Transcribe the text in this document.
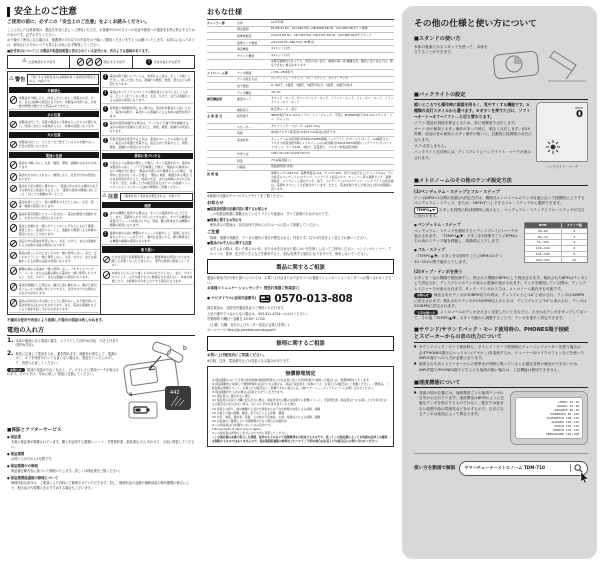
安全上のご注意
ご使用の前に、必ずこの「安全上のご注意」をよくお読みください。
ここに示した注意事項は、製品を安全に正しくご使用いただき、お客様やほかの方々への危害や財産への損害を未然に防止するためのものです。必ずお守りください。
お子様がご使用になる場合は、保護者の方が以下の内容をお子様にご徹底くださいますようお願いいたします。お読みになったあとは、使用される方がいつでも見られる所に必ず保管してください。
■記号表示について|この製品や取扱説明書に表示されている記号には、次のような意味があります。
⚠ 注意喚起を示す記号	禁止を示す記号 !	行為を指示する記号
⚠ 警告
「死亡する可能性または重傷を負う可能性が想定される」内容です。
分解禁止
本製品を分解したり、改造したりしない。感電や火災、けが、または故障の原因になります。本製品の内部には、お客様が修理/交換できる部品はありません。
水に注意
本製品の近くで、花瓶や薬品など液体の入ったものを置かない。内部に水などの液体が入ると、故障の原因になります。
火に注意
本製品の近くに、ろうそくなど燃えているものを置かない。火災の原因になります。
電池に注意
電池を分解しない。火災、破裂、発熱、液漏れのおそれがあります。
電池を火の中に入れない。破裂により、火災やけがの原因になります。
電池を下記の場所に置かない。・直射日光のあたる場所や炎天下の車内など高温になるところ ・湿度や温度の極端に高いところ ・ほこりや振動の多いところ
電池を落としたり、強い衝撃を与えたりしない。火災・感電・破損の原因になります。
電池を電気回路にショートさせない。電池が破裂や液漏れをし、火災やけがの原因になります。
電池と金属片を一緒にポケットやバッグなどに入れて携帯、保管しない。電池がショートし、液漏れや破裂による故障の原因になることがあります。
指定以外の電池を使用しない。火災、やけど、または液漏れによる皮膚の炎症の原因になります。
電池は新しいものと古いものを一緒に使用しない。また、古いものどうしも一緒に使用しない。火災、やけど、または液漏れによる皮膚の炎症の原因になります。
種類の異なる電池を一緒に使用しない。アルカリとマンガン、メーカーまたは品番の異なる電池を一緒に使用したりすると、火災、やけど、または液漏れの原因になります。
電池が液漏れした場合は、漏れた液に触れない。漏れた液が目に入ったり皮膚に付いたりすると、化学やけどや失明などのおそれがあります。
電池は乳幼児の手の届くところに置かない。お子様が誤って電池を飲み込むおそれがあります。また、電池の液漏れなどにより炎症を起こすおそれがあります。
!
電池の取り扱いについては、本書をよく読み、正しくお使いください。誤った使い方は、液漏れや破裂、発熱、発火などの原因になります。
!
電池はすべてプラス/マイナスの極性表示どおりに正しく入れる。正しく入れていない場合、火災、やけど、または液漏れによる炎症の原因になります。
!
使用後や長時間使用しない場合は、電池を本製品から抜いておく。電池の消耗や、電池からの液漏れによる本体の腐食を防げます。
!
電池を保管/廃棄する場合は、テープなどで端子部を絶縁する。ほかの電池や金属片と混ざると、発熱、破裂、液漏れの原因になります。
!
充電式電池を使用するときは、電池のマニュアルの指示に従い、指定の充電器で充電する。指定以外で充電すると、発熱、破裂、液漏れの原因になります。
異常に気づいたら
!
下記のような異常が発生した場合、すぐに電源を切り、電池を本製品から抜く。・プラグが破損した場合 ・製品から異常なにおいや煙が出た場合 ・製品の内部に水や異物が入った場合 ・使用中に音が出なくなった場合 ・製品に亀裂、破損がある場合 そのまま使用を続けると、感電や火災、または故障のおそれがあります。至急、お買い上げの販売店またはヤマハお客様コミュニケーションセンターに点検や修理をご依頼ください。
⚠ 注意	「傷害を負う可能性が想定される」内容です。
接続
!
ほかの機器と接続する場合は、すべての電源を切った上で行う。また、電源を入れたり切ったりする前に、すべての機器の音量(ボリューム)を最小にする。感電、聴力障害または機器の損傷の原因になります。
!
演奏を始める前に機器のボリュームを最小にし、演奏しながら徐々にボリュームを上げて、適切な音量にする。聴力障害または機器の損傷の原因になります。
取り扱い
大きな音量で長時間使用しない。聴覚障害の原因になります。聞こえが悪くなったと感じたら、専門の医師に相談してください。
本体の上にのったり重いものをのせたりしない。また、ボタンやスイッチ、入出力端子などに無理な力を加えない。本体が破損したり、お客様がけがをしたりする原因になります。
不適切な使用や改造により故障した場合の保証は致しかねます。
電池の入れ方
1. 本体の裏面にある電池の蓋を、スライドして(図中a方向)、引き上げます(図中b方向)。
2. 極性に注意して電池を入れ、蓋を閉めます。誤動作が発生して、電源のオン、オフを何度か行っても直らない場合は、電池をいったんはずして、再度入れ直してください。
お知らせ 電池の残量が少なくなると、ディスプレイに電池マークが表示されます。そのときは、早めに新しい電池に交換してください。
b
a	442
■保証とアフターサービス
● 保証書
本書に保証書が掲載されています。購入を証明する書類(レシート、売買契約書、納品書など)とあわせて、大切に保管してください。
● 保証期間
お買い上げ日から1年間です。
● 保証期間中の修理
保証書記載内容に基づいて修理いたします。詳しくは保証書をご覧ください。
● 保証期間経過後の修理について
修理可能な部分は、ご要望により有料にて修理させていただきます。但し、修理料金の金額や補修部品の保有期間の都合により、相当品の代替購入をおすすめする場合もございます。
おもな仕様
チューナー部	音律	12平均律
測定範囲	E1(38.41 Hz、A4=410 Hz)~C8(4566.58 Hz、A4=480 Hz)サイン波時
基準発振音	C3(121.89 Hz、A4=410 Hz)~C6(1141.66 Hz、A4=480 Hz)3オクターブ
基準ピッチ範囲	A4=410 Hz~480 Hz(1 Hz単位)
測定精度	±1セント以内
サウンド精度	±1セント以内
※測定範囲内であっても、倍音の多い音や、減衰の速い音/複雑な音、騒音に近い音などは、測定できない場合があります
メトロノーム部	テンポ範囲	♩=30~252回/分
テンポ設定方法	ペンデュラム・ステップ、フル・ステップ、タップ・テンポ
拍子範囲	0~9拍子、2連符、3連符、3連符中抜き、4連符、4連符中抜き
テンポ精度	±0.3%
練習機能部	練習モード	サウンド・モード、サウンドバック・モード、トラック・モード、フォーカス・モード、トラックフォーカス・モード
補助表示	純正律メーター表示
主 要 諸 元	接続端子	INPUT端子(3.5 mmモノラル・ミニ・ジャック、平型)、PHONES端子(3.5 mmステレオ・ミニ・ジャック)
スピーカー	ダイナミック・スピーカー(φ23 mm)
電源	単4形アルカリ乾電池×2本(3 V)※電池は別売です。
電池寿命	チューナーのみ使用時:約250/150/85時間(バックライト:オフ/ソフト/オート、A4連続入力、アルカリ乾電池使用時) メトロノームのみ使用時:約300/130/75時間(バックライト:オフ/ソフト/オート、テンポ120、4拍子、音量最大、アルカリ乾電池使用時)
外形寸法	106×72×18 mm(W×D×H)
質量	79 g(電池除く)
付属品	取扱説明書(本書)
初 期 値	基準ピッチ=442 Hz、基準発振音=A4、テンポ=120、拍子=4拍子なし(クリックのみ)、テンポ設定=ペンデュラム/ステップ、バックライト設定=オフ。チューナー部の基準ピッチ、基準発振音、メトロノーム部のテンポ、拍子、ペンデュラム/フル/ステップ、バックライトの設定値は、電源をオフにしても記憶されています。ただし、電池を取り外した場合は上記の初期値に戻ります。
※最新の仕様はヤマハのウェブサイトをご覧ください。
お知らせ
■取扱説明書の記載内容に関するお知らせ
この取扱説明書に掲載されているイラストや画面は、すべて説明のためのものです。
■廃棄に関するお知らせ
使用済みの電池は、各自治体で決められたルールに従って廃棄してください。
ご注意
「故障、損傷や誤動作、データの損失の発生が想定される」内容です。以下の内容をよく読んでお使いください。
■製品のお手入れに関する注意
お手入れの際は、乾いた柔らかい布、または水を含ませた柔らかい布を固くしぼってご使用ください。ベンジンやシンナー、アルコール、洗剤、化学ぞうきんなどを使用すると、変色/変質する原因になりますので、使用しないでください。
製品に関するご相談
製品の使用方法や取り扱いについては、お買い上げ店または下記ヤマハお客様コミュニケーションセンターへお問い合わせください。
お客様コミュニケーションセンター 管弦打楽器ご相談窓口
● ナビダイヤル(全国共通番号) 0570-013-808
固定電話は、全国市内通話料金でご利用いただけます。
上記の番号でつながらない場合は、053-411-4744へおかけください。
営業時間 月曜日~金曜日 10:00~17:00
(土曜、日曜、祝日およびセンター指定の定休日を除く)
ホームページ http://jp.yamaha.com/support/
修理に関するご相談
お買い上げ販売店にご相談ください。
※名称、住所、電話番号などは変更になる場合があります。
無償修理規定
① 保証期間において正常な使用状態(取扱説明書などの注意書に従った使用状態)で故障した場合には、無償修理をいたします。
② 保証期間内に故障して無償修理をお受けになる場合は、商品と保証書をご持参のうえ、お買上げの販売店にご依頼ください。ご贈答品、ご転居後の修理について、お買上げの販売店にご依頼できない場合には、(株)ヤマハミュージックジャパンにお問い合わせください。
③ 保証期間内でも次の場合は有料とさせていただきます。
(1) 保証書のご提示がない場合
(2) 保証書のお買上げ欄に記入がない場合、保証書または購入を証明する書類(レシート、売買契約書、納品書など)にお買い上げの年月日および販売店の記入がない場合、ならびに字句を書き替えられた場合
(3) 使用上の誤り、他の機器から受けた障害または不当な修理や改造による故障、損傷
(4) お買上げ後の移動、輸送、落下などによる故障、損傷
(5) 火災、地震、風水害、落雷、その他の天災地変、公害、塩害などによる故障、損傷
(6) お客様のご要望により出張修理を行なう場合の出張料金
※この保証書は日本国内においてのみ有効です。
This warranty is valid only in Japan.
※この保証書は再発行しませんので大切に保管してください。
◇この保証書は本書に明示した期間、条件のもとにおいて無償修理をお約束するものです。従ってこの保証書によってお客様の法律上の権利を制限するものではありませんので、保証期間経過後の修理などについてご不明の場合はお買上げの販売店にお問い合わせください。
その他の仕様と使い方について
■スタンドの使い方
本体の裏面にあるスタンドを使って、本体を立てることができます。
■バックライトの設定
BEAT
0
バックライト・マーク
暗いところでも操作時に画面を明るく、見やすくする機能です。3種類の点灯スタイルから選べます。※ボタンを押すたびに、ソフト→オート→オフ→ソフト...と切り替わります。
ソフト:電池の消耗を押さえるため、常に低輝度で点灯します。
オート:音の検知とボタン操作があった時に、明るく点灯します。約10秒間、追加の音の検知とボタン操作が無いと、自動的に低輝度の点灯になります。
オフ:点灯しません。
バックライト点灯時には、ディスプレイにバックライト・マークが表示されます。
■メトロノームのその他のテンポ設定方法
(1)ペンデュラム・ステップとフル・ステップ
テンポ(BPM=1分間の拍数)の設定方法は、機械式メトロノームのテンポ目盛に沿って段階的に上下するペンデュラム・ステップ、または、1BPMずつ上下するフル・ステップから選択できます。
TEMPO▲/▼ ボタンを同時に約1秒間押し続けると、ペンデュラム・ステップとフル・ステップが交互に変わります。
BPM	ステップ幅
30~60	2
60~72	3
72~120	4
120~144	6
144~240	8
240~252	12
● ペンデュラム・ステップ
ペンデュラム・ステップを選択するとディスプレイに♩マークが表示されます。「TEMPO▲/▼」ボタンを1回押すごとにBPMは右の表のステップ幅を移動し、段階的に上下します。
● フル・ステップ
「TEMPO▲/▼」ボタンを1回押すごとにBPMは1ずつ、30~252の間で値が上下します。
(2)タップ・テンポを使う
ボタンを一定の間隔で数回押すと、押された間隔がBPMとして検出されます。検出されたBPMはテンポとして設定され、ディスプレイのテンポ表示に数値が表示されます。テンポを検知している間は、ディスプレイにマークが表示されます。タップ・テンポの入力は、メトロノーム動作中も可能です。
お知らせ 検出されたテンポが30BPM以下の時は、ディスプレイに“Lo”と表示され、テンポは30BPMに設定されます。検出されたテンポが252BPM以上のときは、ディスプレイに“Hi”と表示され、テンポは252BPMに設定されます。
上手な使い方 メトロノームのテンポを大きく変更したいときなどに、大まかなテンポをタップしておいて、その後「TEMPO▲/▼」ボタンで細かく調整することで、テンポを素早く設定できます。
■サウンド/サウンドバック・モード使用時の、PHONES端子接続
とスピーカーからの音の出力について
■ サウンドバック・モード使用時と、サウンド・モード使用時にチューニングメーターを使う場合は、必ずPHONES端子にヘッドホン(イヤホン)を接続するか、チューナー用マイクロフォンなどを使ったINPUT端子への入力が必要になります。
■ 演奏された音とスピーカーからの基準音が同時に鳴っていると正確な音程の検出ができないため、INPUT端子/PHONES端子どちらにも接続が無い場合は、上記機能は使用できません。
■速度標語について
LENTO 44 - 54
ADAGIO 54 - 66
ANDANTE 66 - 84
MODERATO 84 - 108
ALLEGRETTO 108 - 120
ALLEGRO 120 - 152
VIVACE 152 - 176
PRESTO 176 - 192
PRESTISSIMO 192 - 208
■ 背面の図の位置には、速度標語ごとの演奏テンポの目安が示されています。速度標語はBPMのように正確なテンポを指示するものではなく、数字では表せない曲想や曲の雰囲気などを示すもので、目安になるテンポは楽曲によって異なります。
使い方を動画で解説 ヤマハチューナーメトロノーム TDM-710
